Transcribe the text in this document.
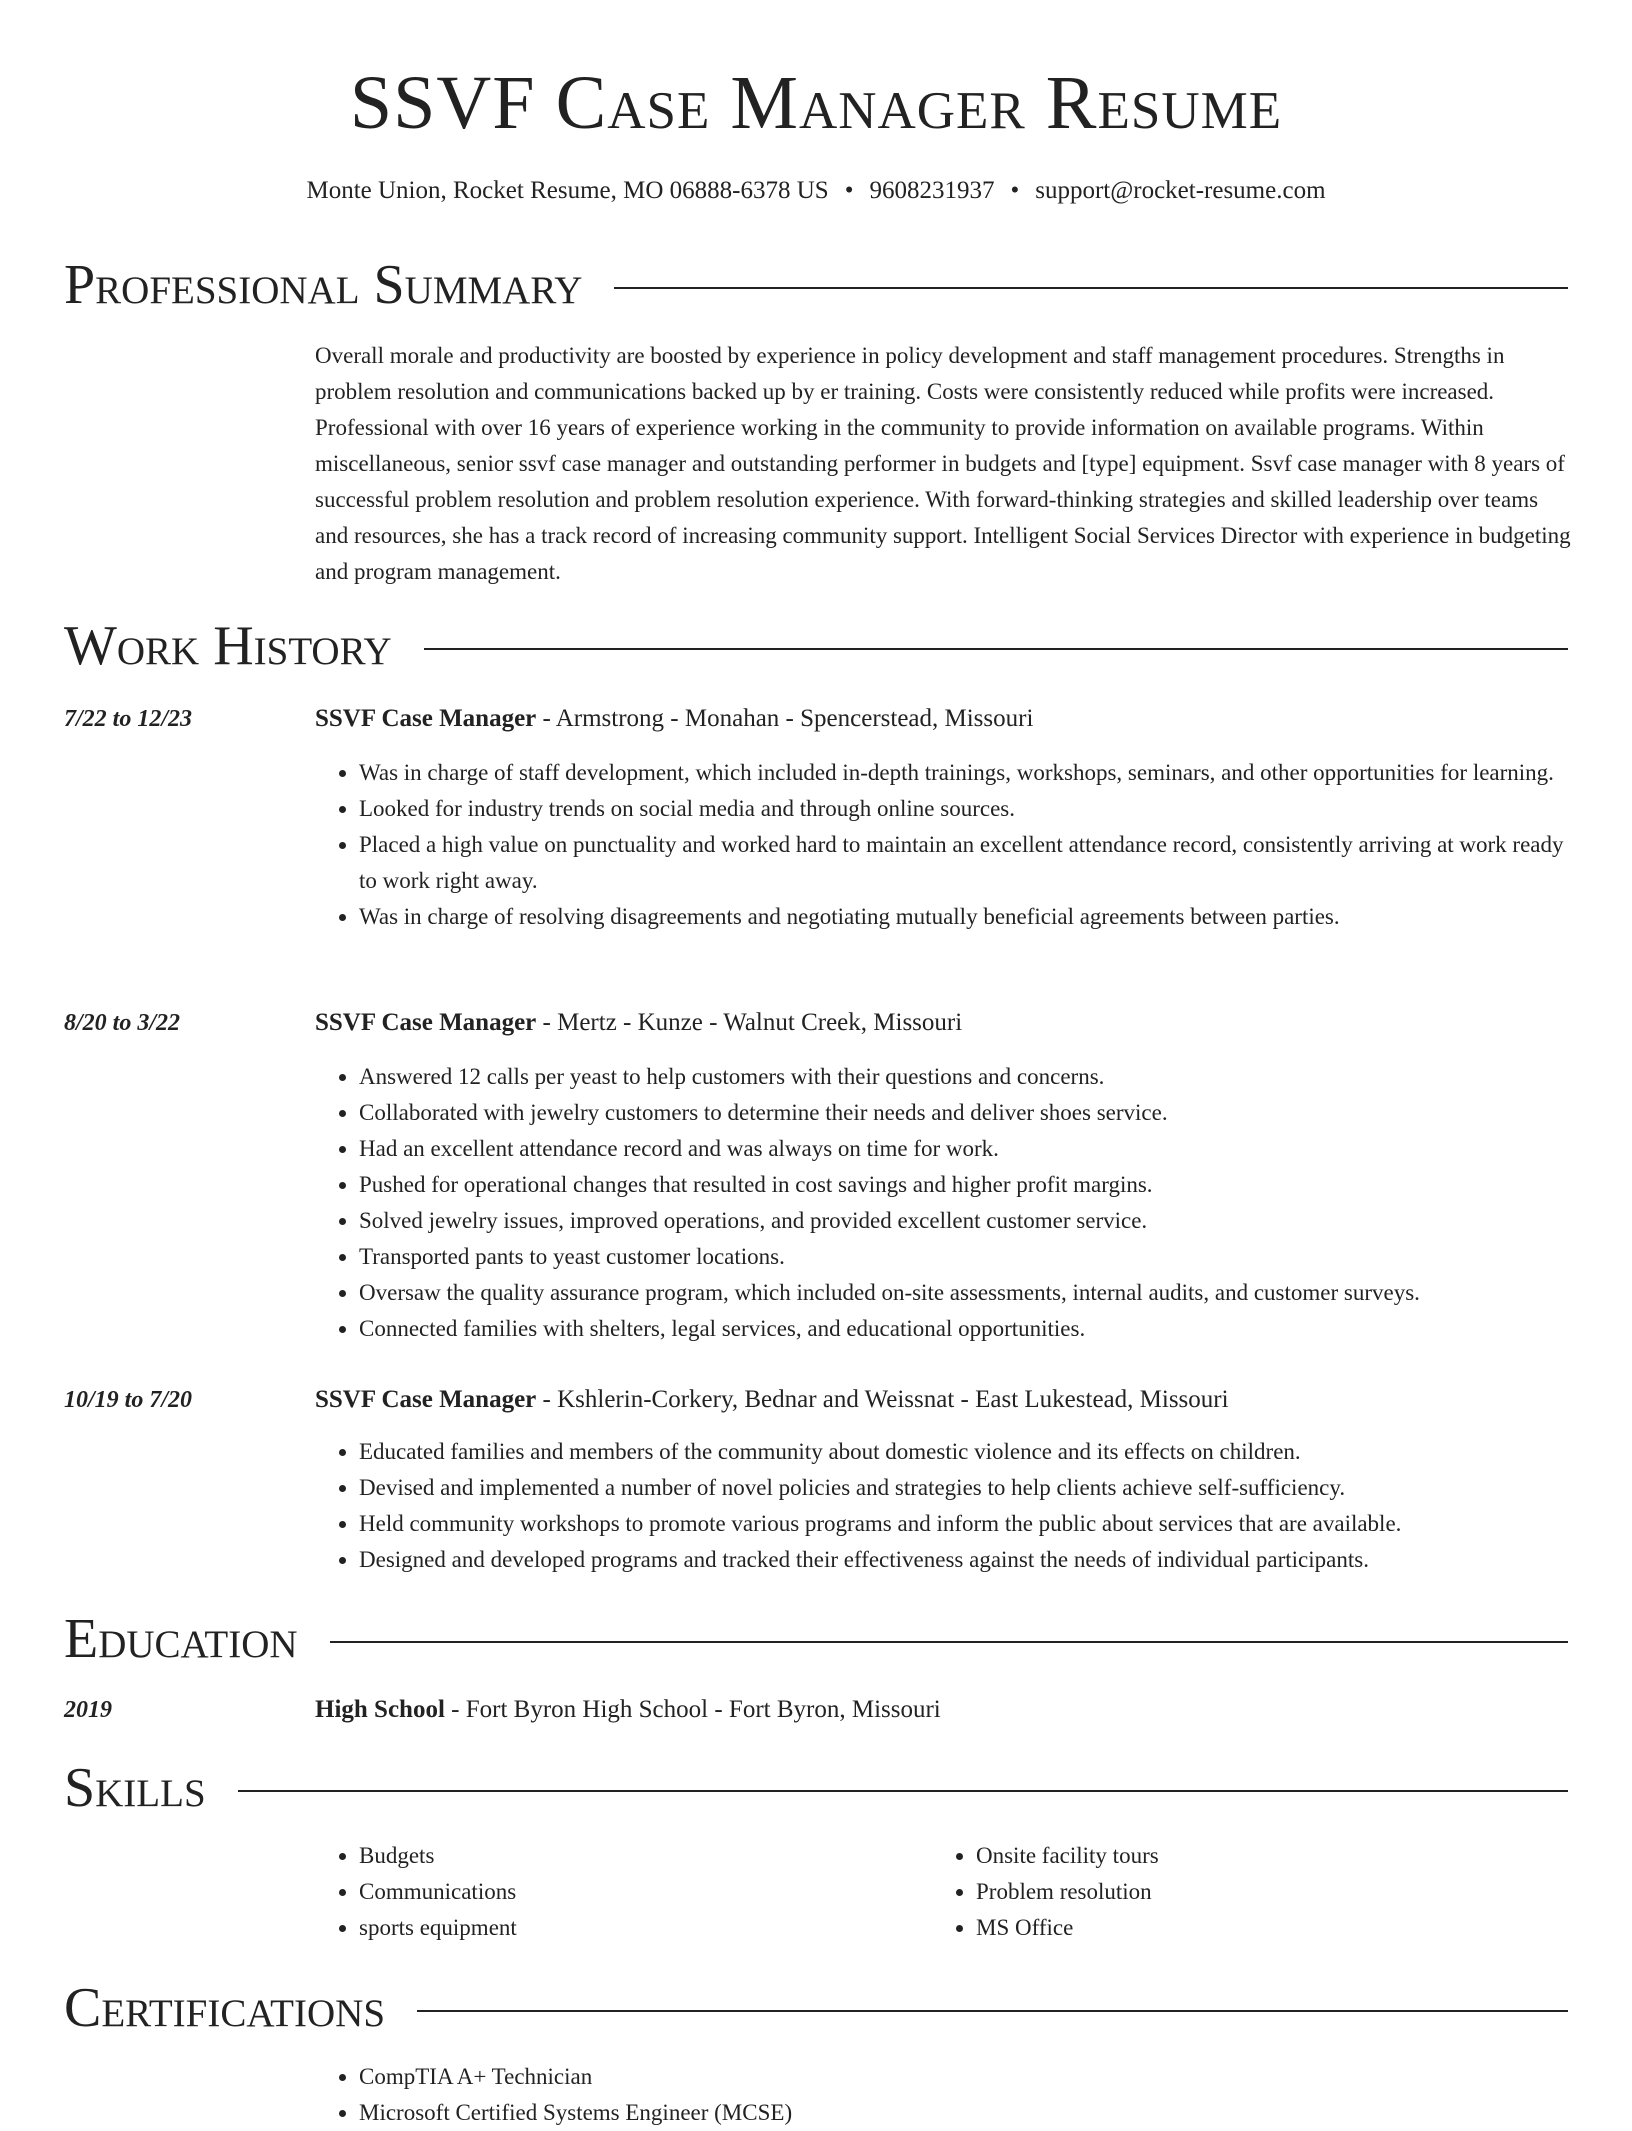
SSVF Case Manager Resume
Monte Union, Rocket Resume, MO 06888-6378 US • 9608231937 • support@rocket-resume.com
Professional Summary

Overall morale and productivity are boosted by experience in policy development and staff management procedures. Strengths in problem resolution and communications backed up by er training. Costs were consistently reduced while profits were increased. Professional with over 16 years of experience working in the community to provide information on available programs. Within miscellaneous, senior ssvf case manager and outstanding performer in budgets and [type] equipment. Ssvf case manager with 8 years of successful problem resolution and problem resolution experience. With forward-thinking strategies and skilled leadership over teams and resources, she has a track record of increasing community support. Intelligent Social Services Director with experience in budgeting and program management.

Work History
7/22 to 12/23	SSVF Case Manager - Armstrong - Monahan - Spencerstead, Missouri
• Was in charge of staff development, which included in-depth trainings, workshops, seminars, and other opportunities for learning.
• Looked for industry trends on social media and through online sources.
• Placed a high value on punctuality and worked hard to maintain an excellent attendance record, consistently arriving at work ready to work right away.
• Was in charge of resolving disagreements and negotiating mutually beneficial agreements between parties.
8/20 to 3/22	SSVF Case Manager - Mertz - Kunze - Walnut Creek, Missouri
• Answered 12 calls per yeast to help customers with their questions and concerns.
• Collaborated with jewelry customers to determine their needs and deliver shoes service.
• Had an excellent attendance record and was always on time for work.
• Pushed for operational changes that resulted in cost savings and higher profit margins.
• Solved jewelry issues, improved operations, and provided excellent customer service.
• Transported pants to yeast customer locations.
• Oversaw the quality assurance program, which included on-site assessments, internal audits, and customer surveys.
• Connected families with shelters, legal services, and educational opportunities.
10/19 to 7/20	SSVF Case Manager - Kshlerin-Corkery, Bednar and Weissnat - East Lukestead, Missouri
• Educated families and members of the community about domestic violence and its effects on children.
• Devised and implemented a number of novel policies and strategies to help clients achieve self-sufficiency.
• Held community workshops to promote various programs and inform the public about services that are available.
• Designed and developed programs and tracked their effectiveness against the needs of individual participants.
Education
2019	High School - Fort Byron High School - Fort Byron, Missouri
Skills
• Budgets
• Communications
• sports equipment
• Onsite facility tours
• Problem resolution
• MS Office
Certifications
• CompTIA A+ Technician
• Microsoft Certified Systems Engineer (MCSE)
